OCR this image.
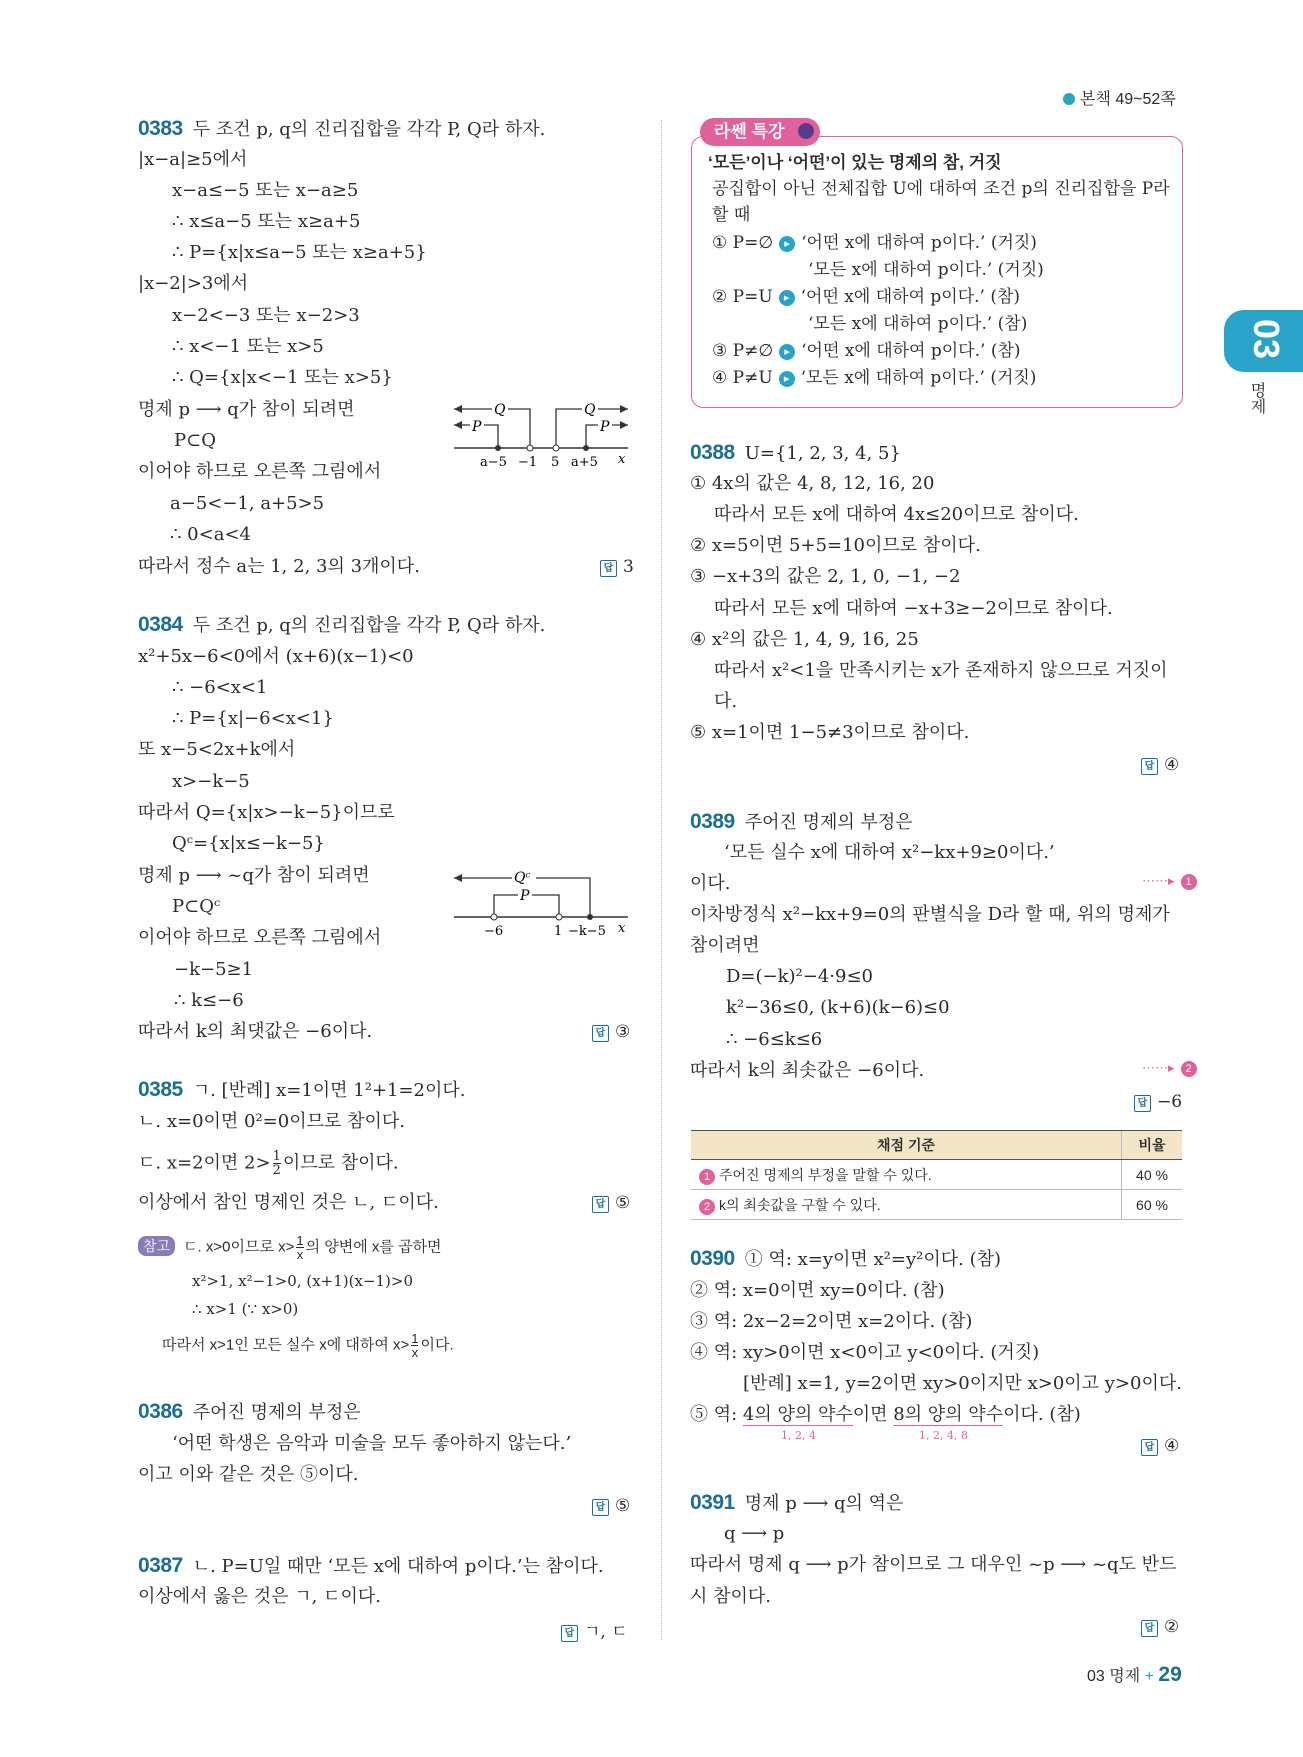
본책 49~52쪽
03
명제
0383 두 조건 p, q의 진리집합을 각각 P, Q라 하자.
|x−a|≥5에서
x−a≤−5 또는 x−a≥5
∴ x≤a−5 또는 x≥a+5
∴ P={x|x≤a−5 또는 x≥a+5}
|x−2|>3에서
x−2<−3 또는 x−2>3
∴ x<−1 또는 x>5
∴ Q={x|x<−1 또는 x>5}
명제 p ⟶ q가 참이 되려면
P⊂Q
이어야 하므로 오른쪽 그림에서
a−5<−1, a+5>5
∴ 0<a<4
따라서 정수 a는 1, 2, 3의 3개이다.	답 3
Q
P
Q
P
a−5 −1 5 a+5 x
0384 두 조건 p, q의 진리집합을 각각 P, Q라 하자.
x²+5x−6<0에서 (x+6)(x−1)<0
∴ −6<x<1
∴ P={x|−6<x<1}
또 x−5<2x+k에서
x>−k−5
따라서 Q={x|x>−k−5}이므로
Qᶜ={x|x≤−k−5}
명제 p ⟶ ~q가 참이 되려면
P⊂Qᶜ
이어야 하므로 오른쪽 그림에서
−k−5≥1
∴ k≤−6
따라서 k의 최댓값은 −6이다.	답 ③
Qᶜ
P
−6	1 −k−5 x
0385 ㄱ. [반례] x=1이면 1²+1=2이다.
ㄴ. x=0이면 0²=0이므로 참이다.
ㄷ. x=2이면 $2> \frac{1}{2}$ 이므로 참이다.
이상에서 참인 명제인 것은 ㄴ, ㄷ이다.	답 ⑤
참고 ㄷ. x>0이므로 $x> \frac{1}{x}$ 의 양변에 x를 곱하면
x²>1, x²−1>0, (x+1)(x−1)>0
∴ x>1 (∵ x>0)
따라서 x>1인 모든 실수 x에 대하여 $x> \frac{1}{x}$ 이다.
0386 주어진 명제의 부정은
‘어떤 학생은 음악과 미술을 모두 좋아하지 않는다.’
이고 이와 같은 것은 ⑤이다.
답 ⑤
0387 ㄴ. P=U일 때만 ‘모든 x에 대하여 p이다.’는 참이다.
이상에서 옳은 것은 ㄱ, ㄷ이다.
답 ㄱ, ㄷ
라쎈 특강
‘모든’이나 ‘어떤’이 있는 명제의 참, 거짓
공집합이 아닌 전체집합 U에 대하여 조건 p의 진리집합을 P라
할 때
① P=∅ ▸ ‘어떤 x에 대하여 p이다.’ (거짓)
‘모든 x에 대하여 p이다.’ (거짓)
② P=U ▸ ‘어떤 x에 대하여 p이다.’ (참)
‘모든 x에 대하여 p이다.’ (참)
③ P≠∅ ▸ ‘어떤 x에 대하여 p이다.’ (참)
④ P≠U ▸ ‘모든 x에 대하여 p이다.’ (거짓)
0388 U={1, 2, 3, 4, 5}
① 4x의 값은 4, 8, 12, 16, 20
따라서 모든 x에 대하여 4x≤20이므로 참이다.
② x=5이면 5+5=10이므로 참이다.
③ −x+3의 값은 2, 1, 0, −1, −2
따라서 모든 x에 대하여 −x+3≥−2이므로 참이다.
④ x²의 값은 1, 4, 9, 16, 25
따라서 x²<1을 만족시키는 x가 존재하지 않으므로 거짓이
다.
⑤ x=1이면 1−5≠3이므로 참이다.
답 ④
0389 주어진 명제의 부정은
‘모든 실수 x에 대하여 x²−kx+9≥0이다.’
이다.	⋯⋯▸ 1
이차방정식 x²−kx+9=0의 판별식을 D라 할 때, 위의 명제가
참이려면
D=(−k)²−4·9≤0
k²−36≤0, (k+6)(k−6)≤0
∴ −6≤k≤6
따라서 k의 최솟값은 −6이다.	⋯⋯▸ 2
답 −6
채점 기준	비율
1 주어진 명제의 부정을 말할 수 있다.	40 %
2 k의 최솟값을 구할 수 있다.	60 %
0390 ① 역: x=y이면 x²=y²이다. (참)
② 역: x=0이면 xy=0이다. (참)
③ 역: 2x−2=2이면 x=2이다. (참)
④ 역: xy>0이면 x<0이고 y<0이다. (거짓)
[반례] x=1, y=2이면 xy>0이지만 x>0이고 y>0이다.
⑤ 역: 4의 양의 약수이면 8의 양의 약수이다. (참)
1, 2, 4	1, 2, 4, 8
답 ④
0391 명제 p ⟶ q의 역은
q ⟶ p
따라서 명제 q ⟶ p가 참이므로 그 대우인 ~p ⟶ ~q도 반드
시 참이다.
답 ②
03 명제 + 29
